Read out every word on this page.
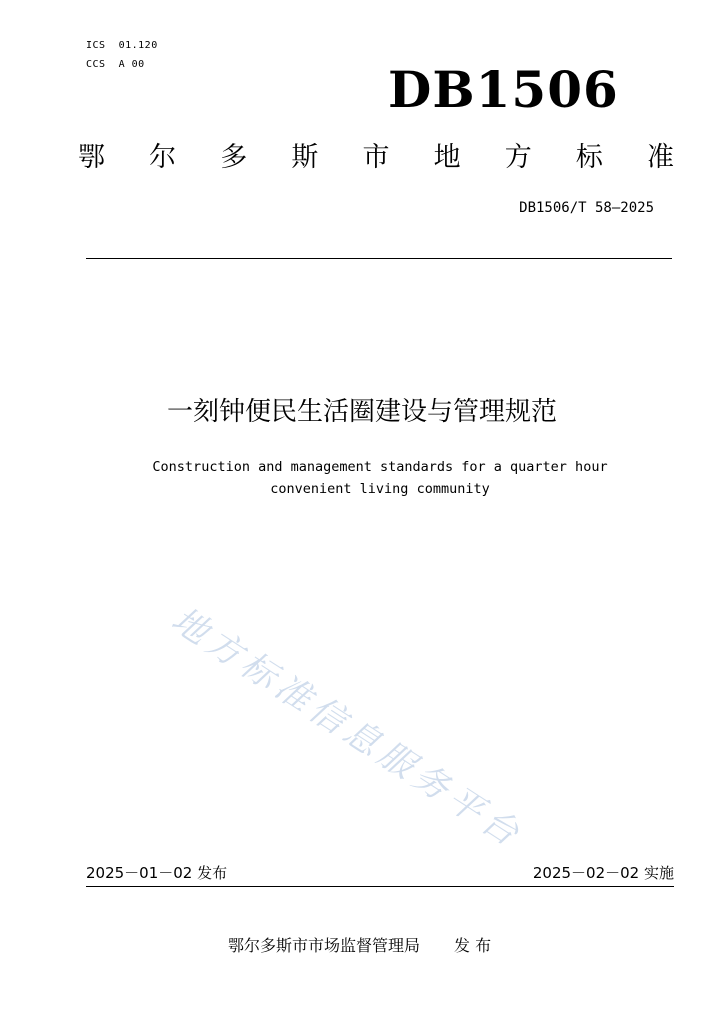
ICS  01.120
CCS  A 00	DB1506
鄂 尔 多 斯 市 地 方 标 准
DB1506/T 58—2025
一刻钟便民生活圈建设与管理规范
Construction and management standards for a quarter hour
convenient living community
地方标准信息服务平台
2025－01－02 发布	2025－02－02 实施
鄂尔多斯市市场监督管理局 发 布
